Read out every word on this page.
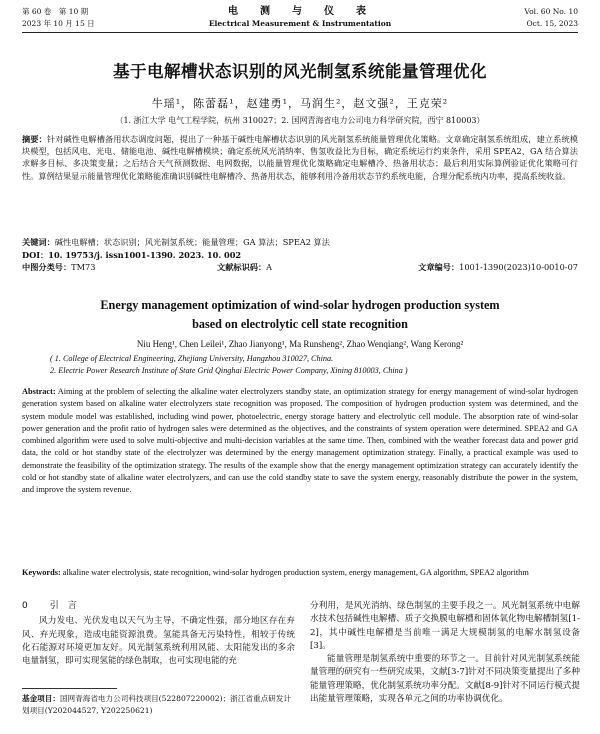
第 60 卷　第 10 期
2023 年 10 月 15 日
电　测　与　仪　表
Electrical Measurement & Instrumentation
Vol. 60 No. 10
Oct. 15, 2023
基于电解槽状态识别的风光制氢系统能量管理优化
牛瑶¹，陈蕾磊¹，赵建勇¹，马润生²，赵文强²，王克荣²
（1. 浙江大学 电气工程学院，杭州 310027；2. 国网青海省电力公司电力科学研究院，西宁 810003）
摘要：针对碱性电解槽备用状态调度问题，提出了一种基于碱性电解槽状态识别的风光制氢系统能量管理优化策略。文章确定制氢系统组成，建立系统模块模型，包括风电、光电、储能电池、碱性电解槽模块；确定系统风光消纳率、售氢收益比为目标，确定系统运行约束条件，采用 SPEA2、GA 结合算法求解多目标、多决策变量；之后结合天气预测数据、电网数据，以能量管理优化策略确定电解槽冷、热备用状态；最后利用实际算例验证优化策略可行性。算例结果显示能量管理优化策略能准确识别碱性电解槽冷、热备用状态，能够利用冷备用状态节约系统电能，合理分配系统内功率，提高系统收益。
关键词：碱性电解槽；状态识别；风光制氢系统；能量管理；GA 算法；SPEA2 算法
DOI：10. 19753/j. issn1001-1390. 2023. 10. 002
中图分类号：TM73	文献标识码：A	文章编号：1001-1390(2023)10-0010-07
Energy management optimization of wind-solar hydrogen production system
based on electrolytic cell state recognition
Niu Heng¹, Chen Leilei¹, Zhao Jianyong¹, Ma Runsheng², Zhao Wenqiang², Wang Kerong²
( 1. College of Electrical Engineering, Zhejiang University, Hangzhou 310027, China.
2. Electric Power Research Institute of State Grid Qinghai Electric Power Company, Xining 810003, China )
Abstract: Aiming at the problem of selecting the alkaline water electrolyzers standby state, an optimization strategy for energy management of wind-solar hydrogen generation system based on alkaline water electrolyzers state recognition was proposed. The composition of hydrogen production system was determined, and the system module model was established, including wind power, photoelectric, energy storage battery and electrolytic cell module. The absorption rate of wind-solar power generation and the profit ratio of hydrogen sales were determined as the objectives, and the constraints of system operation were determined. SPEA2 and GA combined algorithm were used to solve multi-objective and multi-decision variables at the same time. Then, combined with the weather forecast data and power grid data, the cold or hot standby state of the electrolyzer was determined by the energy management optimization strategy. Finally, a practical example was used to demonstrate the feasibility of the optimization strategy. The results of the example show that the energy management optimization strategy can accurately identify the cold or hot standby state of alkaline water electrolyzers, and can use the cold standby state to save the system energy, reasonably distribute the power in the system, and improve the system revenue.
Keywords: alkaline water electrolysis, state recognition, wind-solar hydrogen production system, energy management, GA algorithm, SPEA2 algorithm
0 引　言
风力发电、光伏发电以天气为主导，不确定性强，部分地区存在弃风、弃光现象，造成电能资源浪费。氢能具备无污染特性，相较于传统化石能源对环境更加友好。风光制氢系统利用风能、太阳能发出的多余电量制氢，即可实现氢能的绿色制取，也可实现电能的充
分利用，是风光消纳、绿色制氢的主要手段之一。风光制氢系统中电解水技术包括碱性电解槽、质子交换膜电解槽和固体氧化物电解槽制氢[1-2]，其中碱性电解槽是当前唯一满足大规模制氢的电解水制氢设备[3]。
能量管理是制氢系统中重要的环节之一。目前针对风光制氢系统能量管理的研究有一些研究成果，文献[3-7]针对不同决策变量提出了多种能量管理策略，优化制氢系统功率分配。文献[8-9]针对不同运行模式提出能量管理策略，实现各单元之间的功率协调优化。
基金项目：国网青海省电力公司科技项目(522807220002)；浙江省重点研发计划项目(Y202044527, Y202250621)
